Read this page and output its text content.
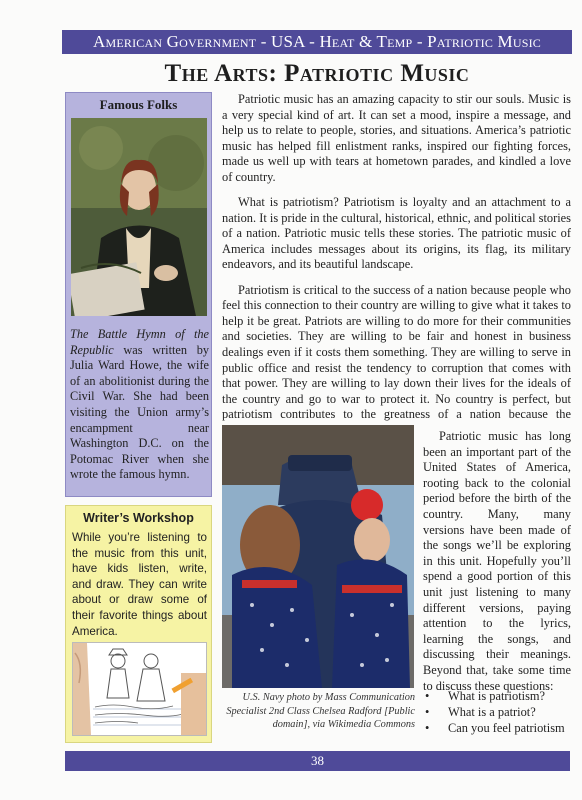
American Government - USA - Heat & Temp - Patriotic Music
The Arts: Patriotic Music
Famous Folks
The Battle Hymn of the Republic was written by Julia Ward Howe, the wife of an abolitionist during the Civil War. She had been visiting the Union army’s encampment near Washington D.C. on the Potomac River when she wrote the famous hymn.
Writer’s Workshop
While you’re listening to the music from this unit, have kids listen, write, and draw. They can write about or draw some of their favorite things about America.

Patriotic music has an amazing capacity to stir our souls. Music is a very special kind of art. It can set a mood, inspire a message, and help us to relate to people, stories, and situations. America’s patriotic music has helped fill enlistment ranks, inspired our fighting forces, made us well up with tears at hometown parades, and kindled a love of country.

What is patriotism? Patriotism is loyalty and an attachment to a nation. It is pride in the cultural, historical, ethnic, and political stories of a nation. Patriotic music tells these stories. The patriotic music of America includes messages about its origins, its flag, its military endeavors, and its beautiful landscape.

Patriotism is critical to the success of a nation because people who feel this connection to their country are willing to give what it takes to help it be great. Patriots are willing to do more for their communities and societies. They are willing to be fair and honest in business dealings even if it costs them something. They are willing to serve in public office and resist the tendency to corruption that comes with that power. They are willing to lay down their lives for the ideals of the country and go to war to protect it. No country is perfect, but patriotism contributes to the greatness of a nation because the

U.S. Navy photo by Mass Communication Specialist 2nd Class Chelsea Radford [Public domain], via Wikimedia Commons

Patriotic music has long been an important part of the United States of America, rooting back to the colonial period before the birth of the country. Many, many versions have been made of the songs we’ll be exploring in this unit. Hopefully you’ll spend a good portion of this unit just listening to many different versions, paying attention to the lyrics, learning the songs, and discussing their meanings. Beyond that, take some time to discuss these questions:

• What is patriotism?
• What is a patriot?
• Can you feel patriotism
38
